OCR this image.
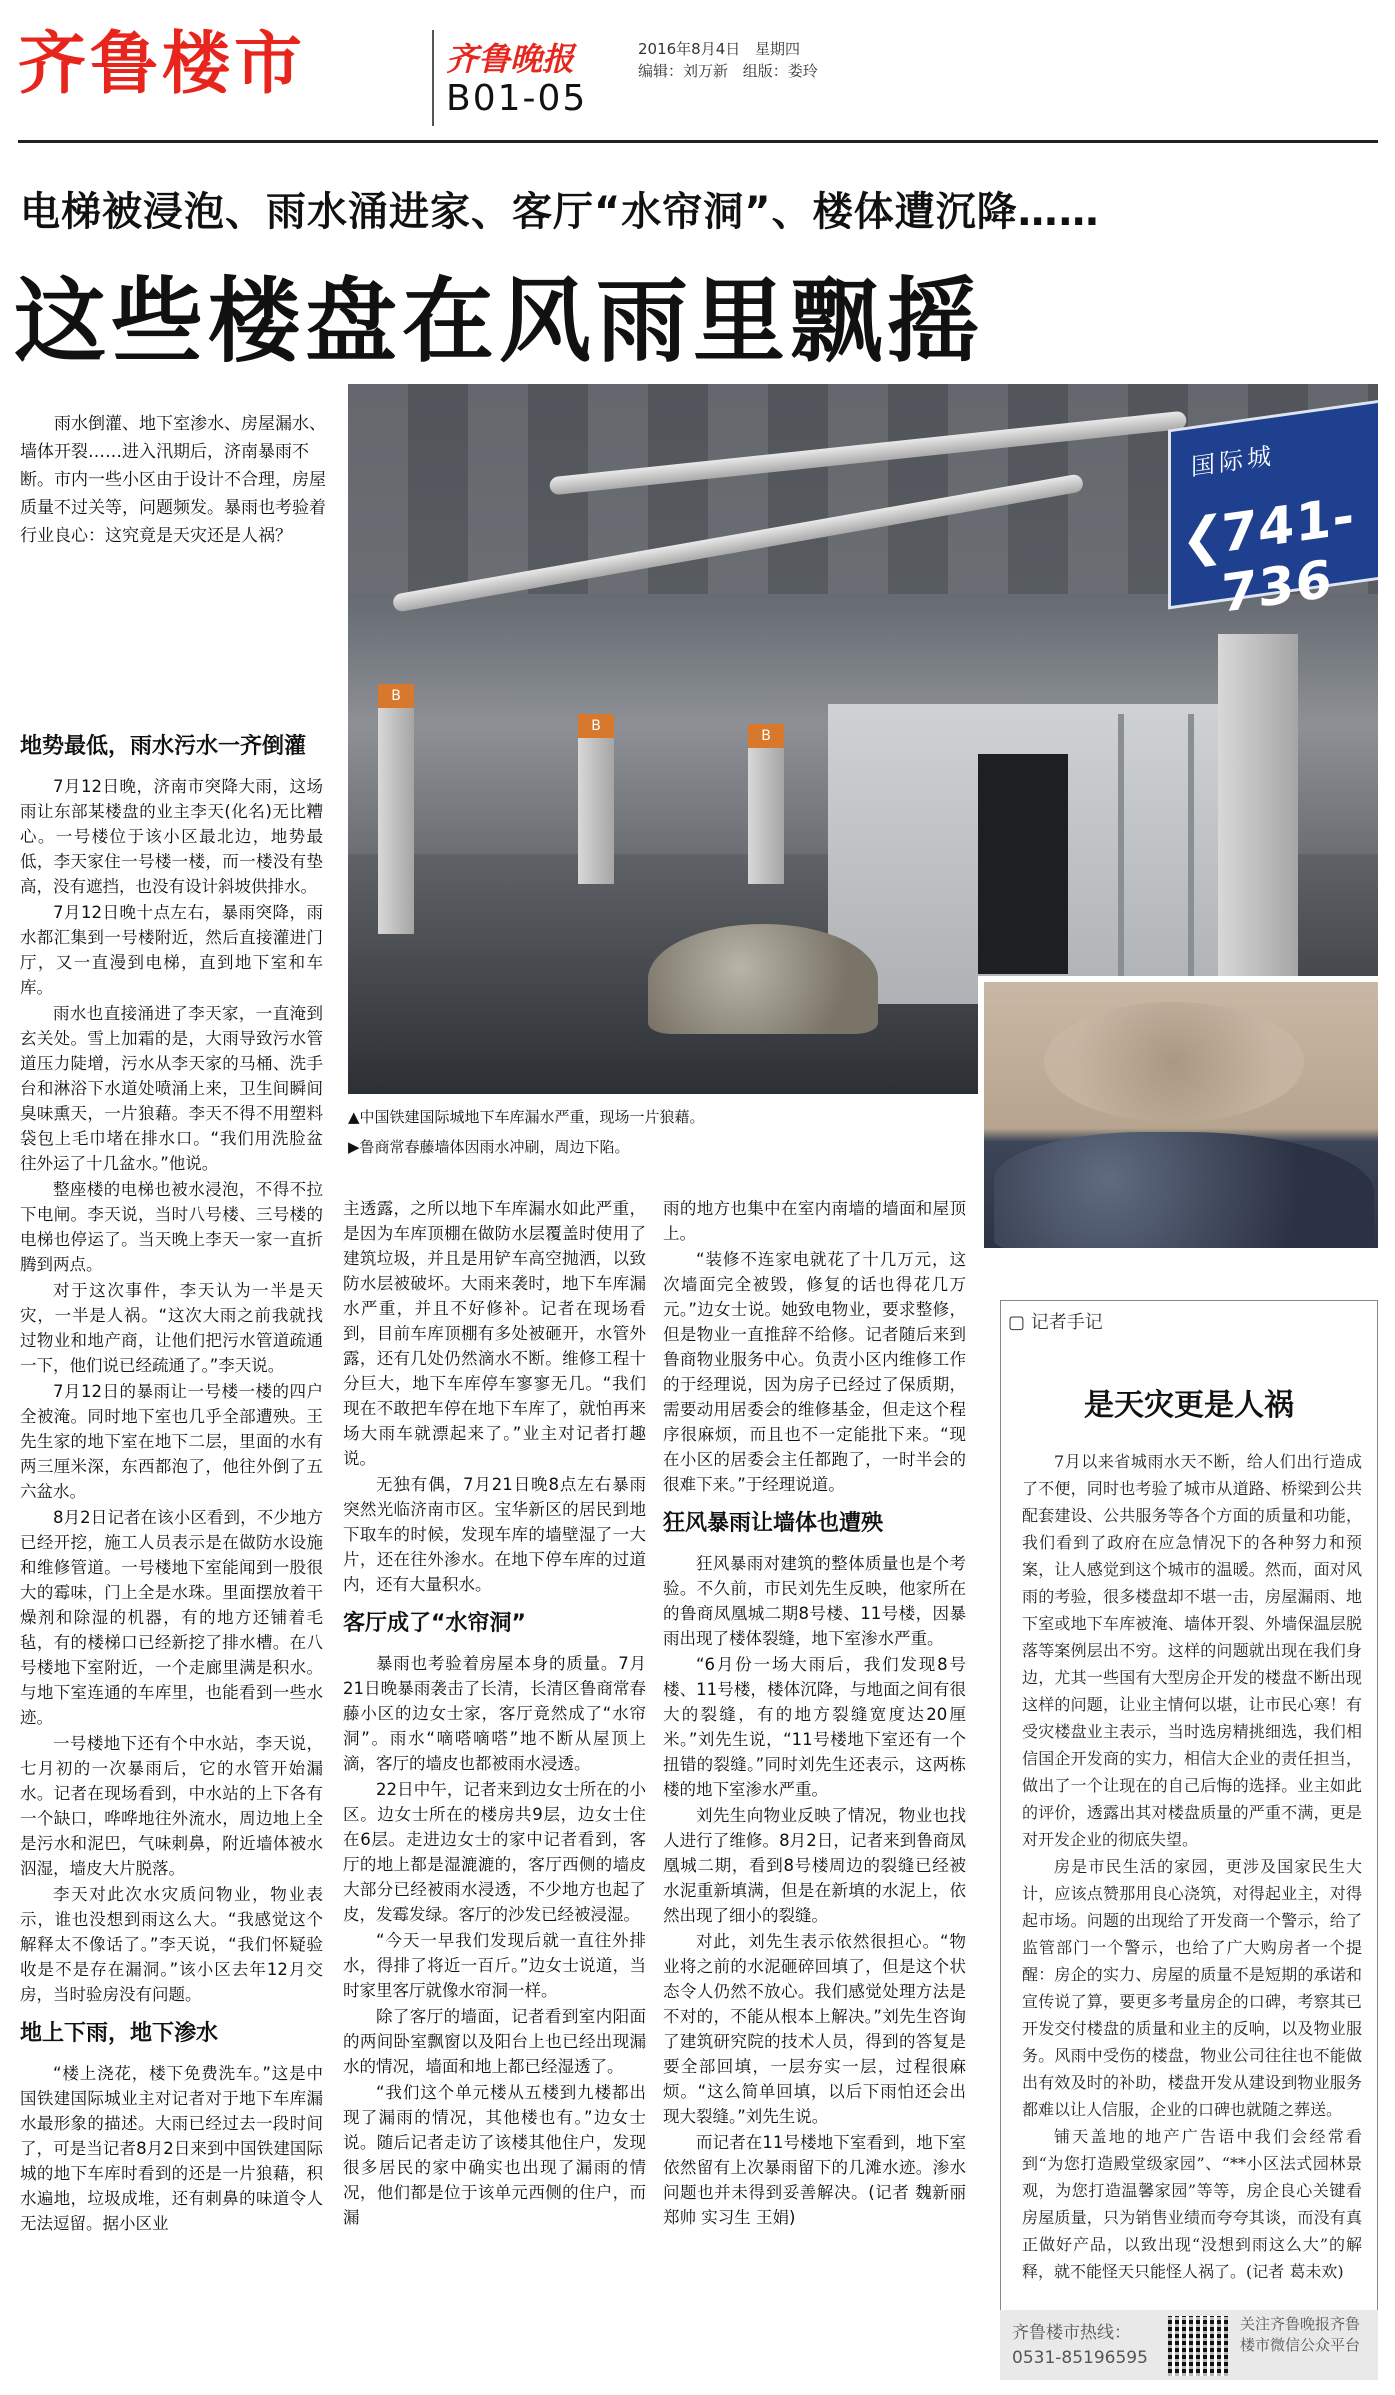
齐鲁楼市	齐鲁晚报	2016年8月4日 星期四
编辑：刘万新 组版：娄玲
B01-05
电梯被浸泡、雨水涌进家、客厅“水帘洞”、楼体遭沉降……
这些楼盘在风雨里飘摇
雨水倒灌、地下室渗水、房屋漏水、墙体开裂……进入汛期后，济南暴雨不断。市内一些小区由于设计不合理，房屋质量不过关等，问题频发。暴雨也考验着行业良心：这究竟是天灾还是人祸？
B
B
B
国际城
❮
741-736
▲中国铁建国际城地下车库漏水严重，现场一片狼藉。
▶鲁商常春藤墙体因雨水冲刷，周边下陷。
地势最低，雨水污水一齐倒灌

7月12日晚，济南市突降大雨，这场雨让东部某楼盘的业主李天(化名)无比糟心。一号楼位于该小区最北边，地势最低，李天家住一号楼一楼，而一楼没有垫高，没有遮挡，也没有设计斜坡供排水。

7月12日晚十点左右，暴雨突降，雨水都汇集到一号楼附近，然后直接灌进门厅，又一直漫到电梯，直到地下室和车库。

雨水也直接涌进了李天家，一直淹到玄关处。雪上加霜的是，大雨导致污水管道压力陡增，污水从李天家的马桶、洗手台和淋浴下水道处喷涌上来，卫生间瞬间臭味熏天，一片狼藉。李天不得不用塑料袋包上毛巾堵在排水口。“我们用洗脸盆往外运了十几盆水。”他说。

整座楼的电梯也被水浸泡，不得不拉下电闸。李天说，当时八号楼、三号楼的电梯也停运了。当天晚上李天一家一直折腾到两点。

对于这次事件，李天认为一半是天灾，一半是人祸。“这次大雨之前我就找过物业和地产商，让他们把污水管道疏通一下，他们说已经疏通了。”李天说。

7月12日的暴雨让一号楼一楼的四户全被淹。同时地下室也几乎全部遭殃。王先生家的地下室在地下二层，里面的水有两三厘米深，东西都泡了，他往外倒了五六盆水。

8月2日记者在该小区看到，不少地方已经开挖，施工人员表示是在做防水设施和维修管道。一号楼地下室能闻到一股很大的霉味，门上全是水珠。里面摆放着干燥剂和除湿的机器，有的地方还铺着毛毡，有的楼梯口已经新挖了排水槽。在八号楼地下室附近，一个走廊里满是积水。与地下室连通的车库里，也能看到一些水迹。

一号楼地下还有个中水站，李天说，七月初的一次暴雨后，它的水管开始漏水。记者在现场看到，中水站的上下各有一个缺口，哗哗地往外流水，周边地上全是污水和泥巴，气味刺鼻，附近墙体被水泅湿，墙皮大片脱落。

李天对此次水灾质问物业，物业表示，谁也没想到雨这么大。“我感觉这个解释太不像话了。”李天说，“我们怀疑验收是不是存在漏洞。”该小区去年12月交房，当时验房没有问题。

地上下雨，地下渗水

“楼上浇花，楼下免费洗车。”这是中国铁建国际城业主对记者对于地下车库漏水最形象的描述。大雨已经过去一段时间了，可是当记者8月2日来到中国铁建国际城的地下车库时看到的还是一片狼藉，积水遍地，垃圾成堆，还有刺鼻的味道令人无法逗留。据小区业

主透露，之所以地下车库漏水如此严重，是因为车库顶棚在做防水层覆盖时使用了建筑垃圾，并且是用铲车高空抛洒，以致防水层被破坏。大雨来袭时，地下车库漏水严重，并且不好修补。记者在现场看到，目前车库顶棚有多处被砸开，水管外露，还有几处仍然滴水不断。维修工程十分巨大，地下车库停车寥寥无几。“我们现在不敢把车停在地下车库了，就怕再来场大雨车就漂起来了。”业主对记者打趣说。

无独有偶，7月21日晚8点左右暴雨突然光临济南市区。宝华新区的居民到地下取车的时候，发现车库的墙壁湿了一大片，还在往外渗水。在地下停车库的过道内，还有大量积水。

客厅成了“水帘洞”

暴雨也考验着房屋本身的质量。7月21日晚暴雨袭击了长清，长清区鲁商常春藤小区的边女士家，客厅竟然成了“水帘洞”。雨水“嘀嗒嘀嗒”地不断从屋顶上滴，客厅的墙皮也都被雨水浸透。

22日中午，记者来到边女士所在的小区。边女士所在的楼房共9层，边女士住在6层。走进边女士的家中记者看到，客厅的地上都是湿漉漉的，客厅西侧的墙皮大部分已经被雨水浸透，不少地方也起了皮，发霉发绿。客厅的沙发已经被浸湿。

“今天一早我们发现后就一直往外排水，得排了将近一百斤。”边女士说道，当时家里客厅就像水帘洞一样。

除了客厅的墙面，记者看到室内阳面的两间卧室飘窗以及阳台上也已经出现漏水的情况，墙面和地上都已经湿透了。

“我们这个单元楼从五楼到九楼都出现了漏雨的情况，其他楼也有。”边女士说。随后记者走访了该楼其他住户，发现很多居民的家中确实也出现了漏雨的情况，他们都是位于该单元西侧的住户，而漏

雨的地方也集中在室内南墙的墙面和屋顶上。

“装修不连家电就花了十几万元，这次墙面完全被毁，修复的话也得花几万元。”边女士说。她致电物业，要求整修，但是物业一直推辞不给修。记者随后来到鲁商物业服务中心。负责小区内维修工作的于经理说，因为房子已经过了保质期，需要动用居委会的维修基金，但走这个程序很麻烦，而且也不一定能批下来。“现在小区的居委会主任都跑了，一时半会的很难下来。”于经理说道。

狂风暴雨让墙体也遭殃

狂风暴雨对建筑的整体质量也是个考验。不久前，市民刘先生反映，他家所在的鲁商凤凰城二期8号楼、11号楼，因暴雨出现了楼体裂缝，地下室渗水严重。

“6月份一场大雨后，我们发现8号楼、11号楼，楼体沉降，与地面之间有很大的裂缝，有的地方裂缝宽度达20厘米。”刘先生说，“11号楼地下室还有一个扭错的裂缝。”同时刘先生还表示，这两栋楼的地下室渗水严重。

刘先生向物业反映了情况，物业也找人进行了维修。8月2日，记者来到鲁商凤凰城二期，看到8号楼周边的裂缝已经被水泥重新填满，但是在新填的水泥上，依然出现了细小的裂缝。

对此，刘先生表示依然很担心。“物业将之前的水泥砸碎回填了，但是这个状态令人仍然不放心。我们感觉处理方法是不对的，不能从根本上解决。”刘先生咨询了建筑研究院的技术人员，得到的答复是要全部回填，一层夯实一层，过程很麻烦。“这么简单回填，以后下雨怕还会出现大裂缝。”刘先生说。

而记者在11号楼地下室看到，地下室依然留有上次暴雨留下的几滩水迹。渗水问题也并未得到妥善解决。(记者 魏新丽 郑帅 实习生 王娟)

▢ 记者手记
是天灾更是人祸

7月以来省城雨水天不断，给人们出行造成了不便，同时也考验了城市从道路、桥梁到公共配套建设、公共服务等各个方面的质量和功能，我们看到了政府在应急情况下的各种努力和预案，让人感觉到这个城市的温暖。然而，面对风雨的考验，很多楼盘却不堪一击，房屋漏雨、地下室或地下车库被淹、墙体开裂、外墙保温层脱落等案例层出不穷。这样的问题就出现在我们身边，尤其一些国有大型房企开发的楼盘不断出现这样的问题，让业主情何以堪，让市民心寒！有受灾楼盘业主表示，当时选房精挑细选，我们相信国企开发商的实力，相信大企业的责任担当，做出了一个让现在的自己后悔的选择。业主如此的评价，透露出其对楼盘质量的严重不满，更是对开发企业的彻底失望。

房是市民生活的家园，更涉及国家民生大计，应该点赞那用良心浇筑，对得起业主，对得起市场。问题的出现给了开发商一个警示，给了监管部门一个警示，也给了广大购房者一个提醒：房企的实力、房屋的质量不是短期的承诺和宣传说了算，要更多考量房企的口碑，考察其已开发交付楼盘的质量和业主的反响，以及物业服务。风雨中受伤的楼盘，物业公司往往也不能做出有效及时的补助，楼盘开发从建设到物业服务都难以让人信服，企业的口碑也就随之葬送。

铺天盖地的地产广告语中我们会经常看到“为您打造殿堂级家园”、“**小区法式园林景观，为您打造温馨家园”等等，房企良心关键看房屋质量，只为销售业绩而夸夸其谈，而没有真正做好产品，以致出现“没想到雨这么大”的解释，就不能怪天只能怪人祸了。(记者 葛未欢)

齐鲁楼市热线：
0531-85196595
关注齐鲁晚报齐鲁楼市微信公众平台
